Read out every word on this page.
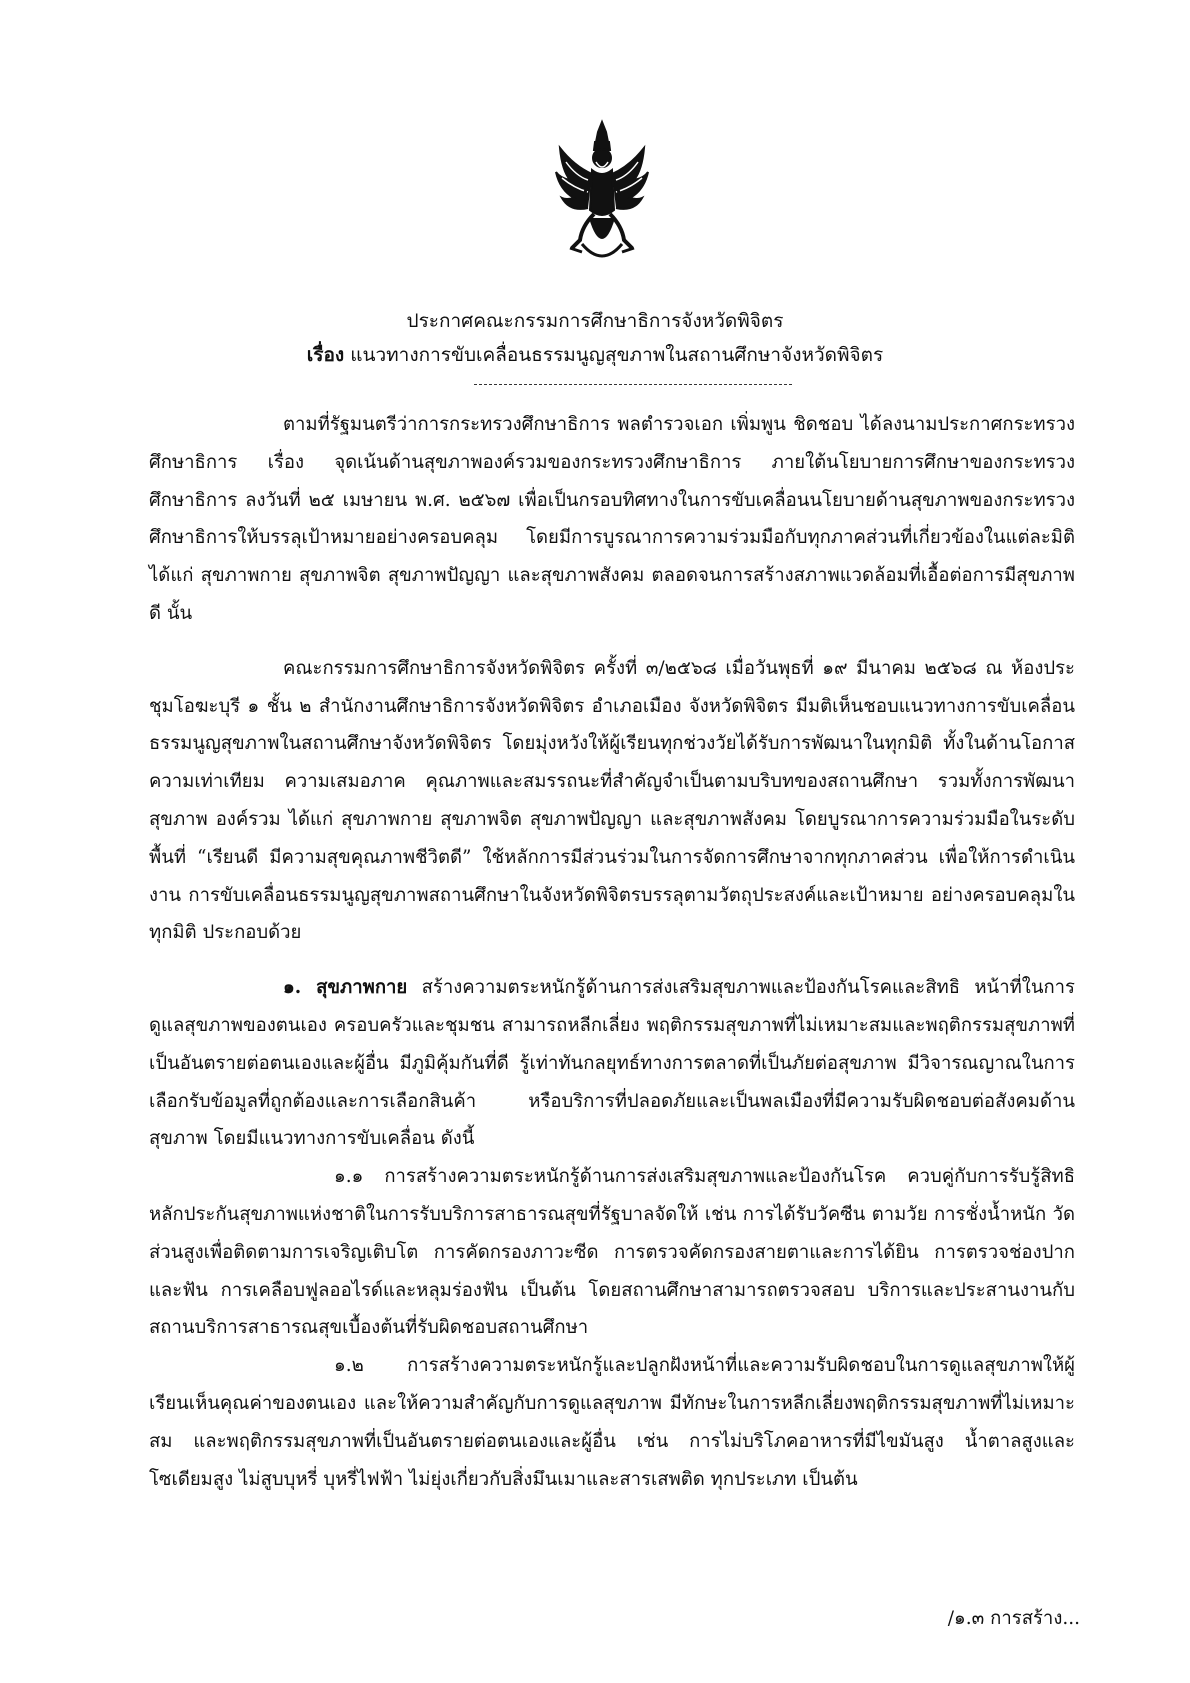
ประกาศคณะกรรมการศึกษาธิการจังหวัดพิจิตร
เรื่อง แนวทางการขับเคลื่อนธรรมนูญสุขภาพในสถานศึกษาจังหวัดพิจิตร

ตามที่รัฐมนตรีว่าการกระทรวงศึกษาธิการ พลตำรวจเอก เพิ่มพูน ชิดชอบ ได้ลงนามประกาศกระทรวงศึกษาธิการ เรื่อง จุดเน้นด้านสุขภาพองค์รวมของกระทรวงศึกษาธิการ ภายใต้นโยบายการศึกษาของกระทรวงศึกษาธิการ ลงวันที่ ๒๕ เมษายน พ.ศ. ๒๕๖๗ เพื่อเป็นกรอบทิศทางในการขับเคลื่อนนโยบายด้านสุขภาพของกระทรวงศึกษาธิการให้บรรลุเป้าหมายอย่างครอบคลุม โดยมีการบูรณาการความร่วมมือกับทุกภาคส่วนที่เกี่ยวข้องในแต่ละมิติ ได้แก่ สุขภาพกาย สุขภาพจิต สุขภาพปัญญา และสุขภาพสังคม ตลอดจนการสร้างสภาพแวดล้อมที่เอื้อต่อการมีสุขภาพดี นั้น

คณะกรรมการศึกษาธิการจังหวัดพิจิตร ครั้งที่ ๓/๒๕๖๘ เมื่อวันพุธที่ ๑๙ มีนาคม ๒๕๖๘ ณ ห้องประชุมโอฆะบุรี ๑ ชั้น ๒ สำนักงานศึกษาธิการจังหวัดพิจิตร อำเภอเมือง จังหวัดพิจิตร มีมติเห็นชอบแนวทางการขับเคลื่อนธรรมนูญสุขภาพในสถานศึกษาจังหวัดพิจิตร โดยมุ่งหวังให้ผู้เรียนทุกช่วงวัยได้รับการพัฒนาในทุกมิติ ทั้งในด้านโอกาส ความเท่าเทียม ความเสมอภาค คุณภาพและสมรรถนะที่สำคัญจำเป็นตามบริบทของสถานศึกษา รวมทั้งการพัฒนาสุขภาพ องค์รวม ได้แก่ สุขภาพกาย สุขภาพจิต สุขภาพปัญญา และสุขภาพสังคม โดยบูรณาการความร่วมมือในระดับพื้นที่ “เรียนดี มีความสุขคุณภาพชีวิตดี” ใช้หลักการมีส่วนร่วมในการจัดการศึกษาจากทุกภาคส่วน เพื่อให้การดำเนินงาน การขับเคลื่อนธรรมนูญสุขภาพสถานศึกษาในจังหวัดพิจิตรบรรลุตามวัตถุประสงค์และเป้าหมาย อย่างครอบคลุมในทุกมิติ ประกอบด้วย

๑. สุขภาพกาย สร้างความตระหนักรู้ด้านการส่งเสริมสุขภาพและป้องกันโรคและสิทธิ หน้าที่ในการดูแลสุขภาพของตนเอง ครอบครัวและชุมชน สามารถหลีกเลี่ยง พฤติกรรมสุขภาพที่ไม่เหมาะสมและพฤติกรรมสุขภาพที่เป็นอันตรายต่อตนเองและผู้อื่น มีภูมิคุ้มกันที่ดี รู้เท่าทันกลยุทธ์ทางการตลาดที่เป็นภัยต่อสุขภาพ มีวิจารณญาณในการเลือกรับข้อมูลที่ถูกต้องและการเลือกสินค้า หรือบริการที่ปลอดภัยและเป็นพลเมืองที่มีความรับผิดชอบต่อสังคมด้านสุขภาพ โดยมีแนวทางการขับเคลื่อน ดังนี้

๑.๑ การสร้างความตระหนักรู้ด้านการส่งเสริมสุขภาพและป้องกันโรค ควบคู่กับการรับรู้สิทธิหลักประกันสุขภาพแห่งชาติในการรับบริการสาธารณสุขที่รัฐบาลจัดให้ เช่น การได้รับวัคซีน ตามวัย การชั่งน้ำหนัก วัดส่วนสูงเพื่อติดตามการเจริญเติบโต การคัดกรองภาวะซีด การตรวจคัดกรองสายตาและการได้ยิน การตรวจช่องปากและฟัน การเคลือบฟูลออไรด์และหลุมร่องฟัน เป็นต้น โดยสถานศึกษาสามารถตรวจสอบ บริการและประสานงานกับสถานบริการสาธารณสุขเบื้องต้นที่รับผิดชอบสถานศึกษา

๑.๒ การสร้างความตระหนักรู้และปลูกฝังหน้าที่และความรับผิดชอบในการดูแลสุขภาพให้ผู้เรียนเห็นคุณค่าของตนเอง และให้ความสำคัญกับการดูแลสุขภาพ มีทักษะในการหลีกเลี่ยงพฤติกรรมสุขภาพที่ไม่เหมาะสม และพฤติกรรมสุขภาพที่เป็นอันตรายต่อตนเองและผู้อื่น เช่น การไม่บริโภคอาหารที่มีไขมันสูง น้ำตาลสูงและโซเดียมสูง ไม่สูบบุหรี่ บุหรี่ไฟฟ้า ไม่ยุ่งเกี่ยวกับสิ่งมึนเมาและสารเสพติด ทุกประเภท เป็นต้น

/๑.๓ การสร้าง...
